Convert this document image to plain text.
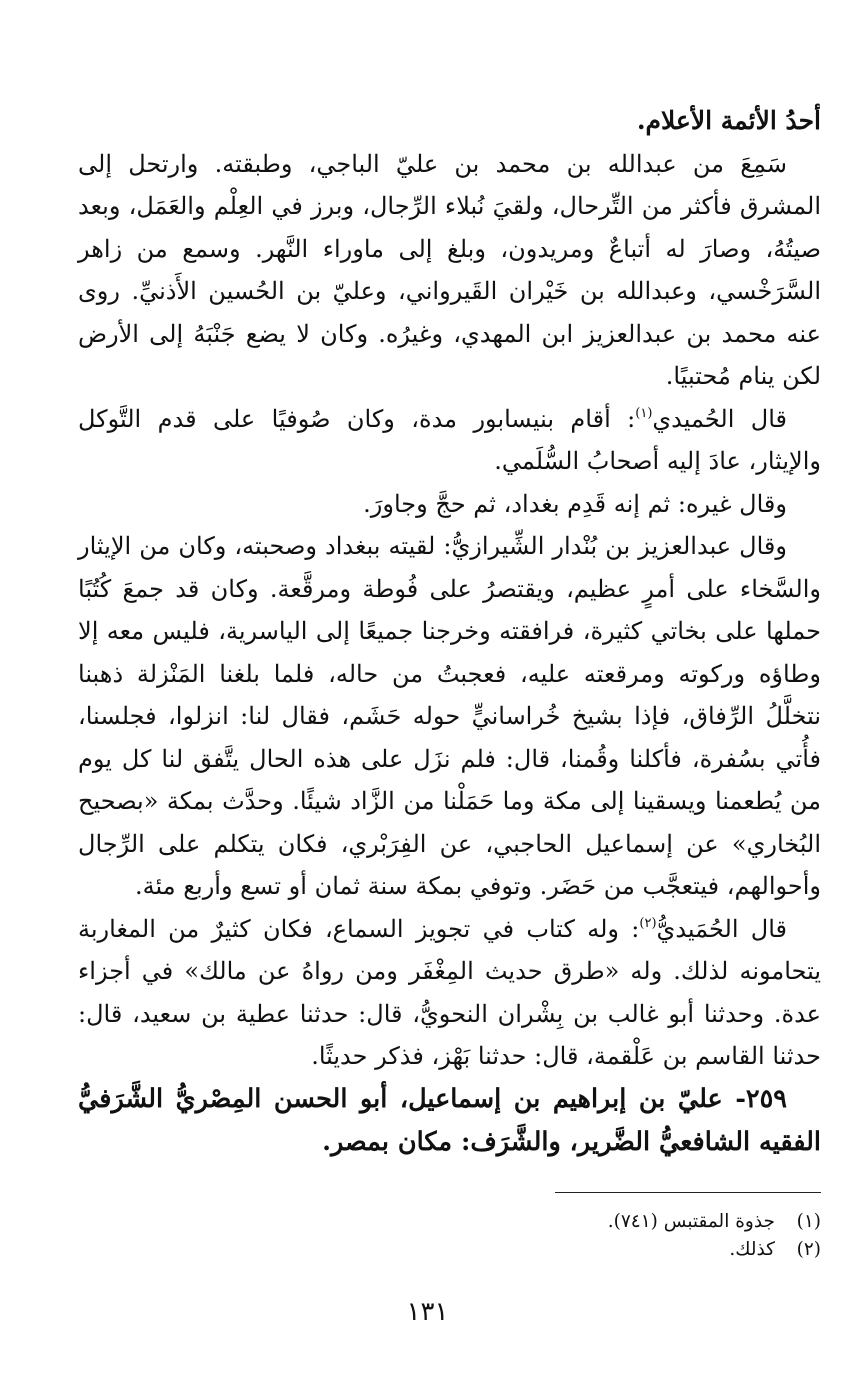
أحدُ الأئمة الأعلام.

سَمِعَ من عبدالله بن محمد بن عليّ الباجي، وطبقته. وارتحل إلى المشرق فأكثر من التِّرحال، ولقيَ نُبلاء الرِّجال، وبرز في العِلْم والعَمَل، وبعد صيتُهُ، وصارَ له أتباعٌ ومريدون، وبلغ إلى ماوراء النَّهر. وسمع من زاهر السَّرَخْسي، وعبدالله بن خَيْران القَيرواني، وعليّ بن الحُسين الأَذنيِّ. روى عنه محمد بن عبدالعزيز ابن المهدي، وغيرُه. وكان لا يضع جَنْبَهُ إلى الأرض لكن ينام مُحتبيًا.

قال الحُميدي$^{(١)}$: أقام بنيسابور مدة، وكان صُوفيًا على قدم التَّوكل والإيثار، عادَ إليه أصحابُ السُّلَمي.

وقال غيره: ثم إنه قَدِم بغداد، ثم حجَّ وجاورَ.

وقال عبدالعزيز بن بُنْدار الشِّيرازيُّ: لقيته ببغداد وصحبته، وكان من الإيثار والسَّخاء على أمرٍ عظيم، ويقتصرُ على فُوطة ومرقَّعة. وكان قد جمعَ كُتُبًا حملها على بخاتي كثيرة، فرافقته وخرجنا جميعًا إلى الياسرية، فليس معه إلا وطاؤه وركوته ومرقعته عليه، فعجبتُ من حاله، فلما بلغنا المَنْزلة ذهبنا نتخلَّلُ الرِّفاق، فإذا بشيخ خُراسانيٍّ حوله حَشَم، فقال لنا: انزلوا، فجلسنا، فأُتي بسُفرة، فأكلنا وقُمنا، قال: فلم نزَل على هذه الحال يتَّفق لنا كل يوم من يُطعمنا ويسقينا إلى مكة وما حَمَلْنا من الزَّاد شيئًا. وحدَّث بمكة «بصحيح البُخاري» عن إسماعيل الحاجبي، عن الفِرَبْري، فكان يتكلم على الرِّجال وأحوالهم، فيتعجَّب من حَضَر. وتوفي بمكة سنة ثمان أو تسع وأربع مئة.

قال الحُمَيديُّ$^{(٢)}$: وله كتاب في تجويز السماع، فكان كثيرٌ من المغاربة يتحامونه لذلك. وله «طرق حديث المِغْفَر ومن رواهُ عن مالك» في أجزاء عدة. وحدثنا أبو غالب بن بِشْران النحويُّ، قال: حدثنا عطية بن سعيد، قال: حدثنا القاسم بن عَلْقمة، قال: حدثنا بَهْز، فذكر حديثًا.

٢٥٩- عليّ بن إبراهيم بن إسماعيل، أبو الحسن المِصْريُّ الشَّرَفيُّ الفقيه الشافعيُّ الضَّرير، والشَّرَف: مكان بمصر.

(١)
جذوة المقتبس (٧٤١).
(٢)
كذلك.
١٣١
